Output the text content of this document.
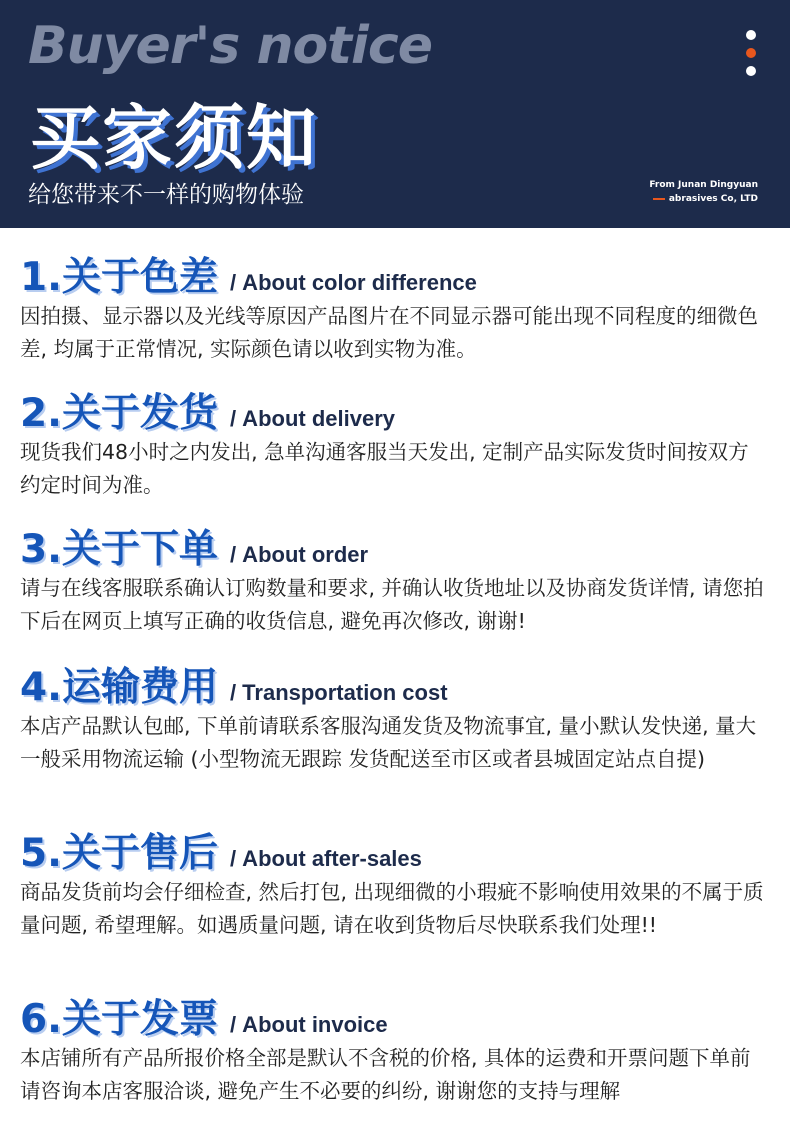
Buyer's notice
买家须知
给您带来不一样的购物体验	From Junan Dingyuan
abrasives Co, LTD
1.关于色差 / About color difference
因拍摄、显示器以及光线等原因产品图片在不同显示器可能出现不同程度的细微色差, 均属于正常情况, 实际颜色请以收到实物为准。
2.关于发货 / About delivery
现货我们48小时之内发出, 急单沟通客服当天发出, 定制产品实际发货时间按双方约定时间为准。
3.关于下单 / About order
请与在线客服联系确认订购数量和要求, 并确认收货地址以及协商发货详情, 请您拍下后在网页上填写正确的收货信息, 避免再次修改, 谢谢!
4.运输费用 / Transportation cost
本店产品默认包邮, 下单前请联系客服沟通发货及物流事宜, 量小默认发快递, 量大一般采用物流运输 (小型物流无跟踪 发货配送至市区或者县城固定站点自提)
5.关于售后 / About after-sales
商品发货前均会仔细检查, 然后打包, 出现细微的小瑕疵不影响使用效果的不属于质量问题, 希望理解。如遇质量问题, 请在收到货物后尽快联系我们处理!!
6.关于发票 / About invoice
本店铺所有产品所报价格全部是默认不含税的价格, 具体的运费和开票问题下单前请咨询本店客服洽谈, 避免产生不必要的纠纷, 谢谢您的支持与理解
